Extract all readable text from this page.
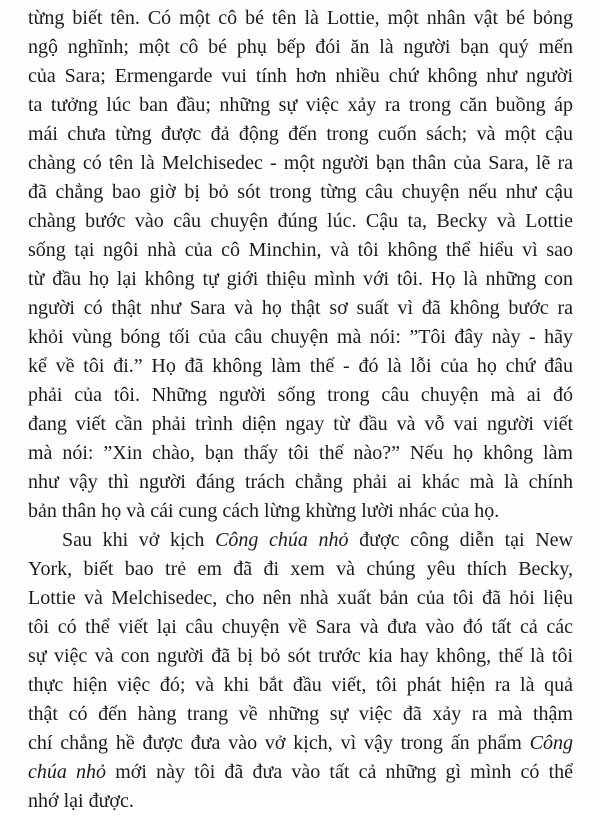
từng biết tên. Có một cô bé tên là Lottie, một nhân vật bé bỏng
ngộ nghĩnh; một cô bé phụ bếp đói ăn là người bạn quý mến
của Sara; Ermengarde vui tính hơn nhiều chứ không như người
ta tưởng lúc ban đầu; những sự việc xảy ra trong căn buồng áp
mái chưa từng được đả động đến trong cuốn sách; và một cậu
chàng có tên là Melchisedec - một người bạn thân của Sara, lẽ ra
đã chẳng bao giờ bị bỏ sót trong từng câu chuyện nếu như cậu
chàng bước vào câu chuyện đúng lúc. Cậu ta, Becky và Lottie
sống tại ngôi nhà của cô Minchin, và tôi không thể hiểu vì sao
từ đầu họ lại không tự giới thiệu mình với tôi. Họ là những con
người có thật như Sara và họ thật sơ suất vì đã không bước ra
khỏi vùng bóng tối của câu chuyện mà nói: ”Tôi đây này - hãy
kể về tôi đi.” Họ đã không làm thế - đó là lỗi của họ chứ đâu
phải của tôi. Những người sống trong câu chuyện mà ai đó
đang viết cần phải trình diện ngay từ đầu và vỗ vai người viết
mà nói: ”Xin chào, bạn thấy tôi thế nào?” Nếu họ không làm
như vậy thì người đáng trách chẳng phải ai khác mà là chính
bản thân họ và cái cung cách lừng khừng lười nhác của họ.
Sau khi vở kịch Công chúa nhỏ được công diễn tại New
York, biết bao trẻ em đã đi xem và chúng yêu thích Becky,
Lottie và Melchisedec, cho nên nhà xuất bản của tôi đã hỏi liệu
tôi có thể viết lại câu chuyện về Sara và đưa vào đó tất cả các
sự việc và con người đã bị bỏ sót trước kia hay không, thế là tôi
thực hiện việc đó; và khi bắt đầu viết, tôi phát hiện ra là quả
thật có đến hàng trang về những sự việc đã xảy ra mà thậm
chí chẳng hề được đưa vào vở kịch, vì vậy trong ấn phẩm Công
chúa nhỏ mới này tôi đã đưa vào tất cả những gì mình có thể
nhớ lại được.
